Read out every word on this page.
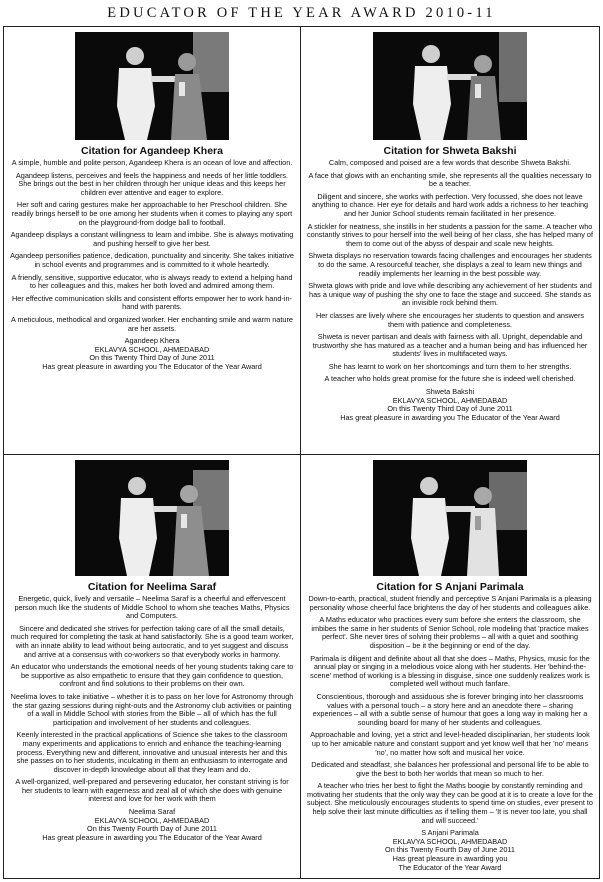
EDUCATOR OF THE YEAR AWARD 2010-11
Citation for Agandeep Khera

A simple, humble and polite person, Agandeep Khera is an ocean of love and affection.

Agandeep listens, perceives and feels the happiness and needs of her little toddlers. She brings out the best in her children through her unique ideas and this keeps her children ever attentive and eager to explore.

Her soft and caring gestures make her approachable to her Preschool children. She readily brings herself to be one among her students when it comes to playing any sport on the playground-from dodge ball to football.

Agandeep displays a constant willingness to learn and imbibe. She is always motivating and pushing herself to give her best.

Agandeep personifies patience, dedication, punctuality and sincerity. She takes initiative in school events and programmes and is committed to it whole heartedly.

A friendly, sensitive, supportive educator, who is always ready to extend a helping hand to her colleagues and this, makes her both loved and admired among them.

Her effective communication skills and consistent efforts empower her to work hand-in-hand with parents.

A meticulous, methodical and organized worker. Her enchanting smile and warm nature are her assets.

Agandeep Khera

EKLAVYA SCHOOL, AHMEDABAD

On this Twenty Third Day of June 2011

Has great pleasure in awarding you The Educator of the Year Award

Citation for Shweta Bakshi

Calm, composed and poised are a few words that describe Shweta Bakshi.

A face that glows with an enchanting smile, she represents all the qualities necessary to be a teacher.

Diligent and sincere, she works with perfection. Very focussed, she does not leave anything to chance. Her eye for details and hard work adds a richness to her teaching and her Junior School students remain facilitated in her presence.

A stickler for neatness, she instills in her students a passion for the same. A teacher who constantly strives to pour herself into the well being of her class, she has helped many of them to come out of the abyss of despair and scale new heights.

Shweta displays no reservation towards facing challenges and encourages her students to do the same. A resourceful teacher, she displays a zeal to learn new things and readily implements her learning in the best possible way.

Shweta glows with pride and love while describing any achievement of her students and has a unique way of pushing the shy one to face the stage and succeed. She stands as an invisible rock behind them.

Her classes are lively where she encourages her students to question and answers them with patience and completeness.

Shweta is never partisan and deals with fairness with all. Upright, dependable and trustworthy she has matured as a teacher and a human being and has influenced her students' lives in multifaceted ways.

She has learnt to work on her shortcomings and turn them to her strengths.

A teacher who holds great promise for the future she is indeed well cherished.

Shweta Bakshi

EKLAVYA SCHOOL, AHMEDABAD

On this Twenty Third Day of June 2011

Has great pleasure in awarding you The Educator of the Year Award

Citation for Neelima Saraf

Energetic, quick, lively and versatile – Neelima Saraf is a cheerful and effervescent person much like the students of Middle School to whom she teaches Maths, Physics and Computers.

Sincere and dedicated she strives for perfection taking care of all the small details, much required for completing the task at hand satisfactorily. She is a good team worker, with an innate ability to lead without being autocratic, and to yet suggest and discuss and arrive at a consensus with co-workers so that everybody works in harmony.

An educator who understands the emotional needs of her young students taking care to be supportive as also empathetic to ensure that they gain confidence to question, confront and find solutions to their problems on their own.

Neelima loves to take initiative – whether it is to pass on her love for Astronomy through the star gazing sessions during night-outs and the Astronomy club activities or painting of a wall in Middle School with stories from the Bible – all of which has the full participation and involvement of her students and colleagues.

Keenly interested in the practical applications of Science she takes to the classroom many experiments and applications to enrich and enhance the teaching-learning process. Everything new and different, innovative and unusual interests her and this she passes on to her students, inculcating in them an enthusiasm to interrogate and discover in-depth knowledge about all that they learn and do.

A well-organized, well-prepared and persevering educator, her constant striving is for her students to learn with eagerness and zeal all of which she does with genuine interest and love for her work with them

Neelima Saraf

EKLAVYA SCHOOL, AHMEDABAD

On this Twenty Fourth Day of June 2011

Has great pleasure in awarding you The Educator of the Year Award

Citation for S Anjani Parimala

Down-to-earth, practical, student friendly and perceptive S Anjani Parimala is a pleasing personality whose cheerful face brightens the day of her students and colleagues alike.

A Maths educator who practices every sum before she enters the classroom, she imbibes the same in her students of Senior School, role modeling that 'practice makes perfect'. She never tires of solving their problems – all with a quiet and soothing disposition – be it the beginning or end of the day.

Parimala is diligent and definite about all that she does – Maths, Physics, music for the annual play or singing in a melodious voice along with her students. Her 'behind-the-scene' method of working is a blessing in disguise, since one suddenly realizes work is completed well without much fanfare.

Conscientious, thorough and assiduous she is forever bringing into her classrooms values with a personal touch – a story here and an anecdote there – sharing experiences – all with a subtle sense of humour that goes a long way in making her a sounding board for many of her students and colleagues.

Approachable and loving, yet a strict and level-headed disciplinarian, her students look up to her amicable nature and constant support and yet know well that her 'no' means 'no', no matter how soft and musical her voice.

Dedicated and steadfast, she balances her professional and personal life to be able to give the best to both her worlds that mean so much to her.

A teacher who tries her best to fight the Maths boogie by constantly reminding and motivating her students that the only way they can be good at it is to create a love for the subject. She meticulously encourages students to spend time on studies, ever present to help solve their last minute difficulties as if telling them – 'It is never too late, you shall and will succeed.'

S Anjani Parimala

EKLAVYA SCHOOL, AHMEDABAD

On this Twenty Fourth Day of June 2011

Has great pleasure in awarding you

The Educator of the Year Award
